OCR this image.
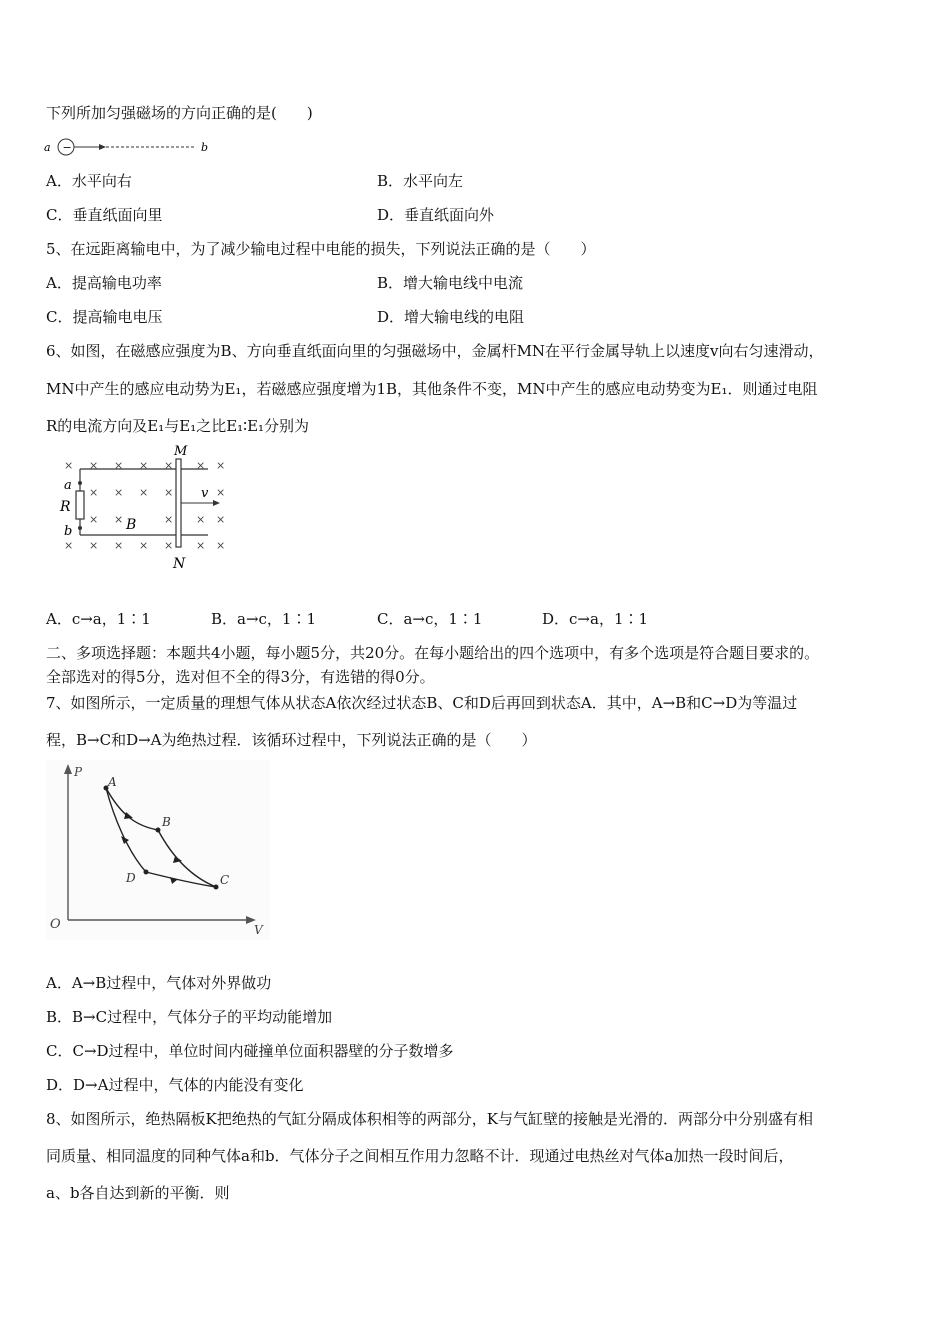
下列所加匀强磁场的方向正确的是(　　)
a −	b
A．水平向右	B．水平向左
C．垂直纸面向里	D．垂直纸面向外
5、在远距离输电中，为了减少输电过程中电能的损失，下列说法正确的是（　　）
A．提高输电功率	B．增大输电线中电流
C．提高输电电压	D．增大输电线的电阻
6、如图，在磁感应强度为B、方向垂直纸面向里的匀强磁场中，金属杆MN在平行金属导轨上以速度v向右匀速滑动，
MN中产生的感应电动势为E₁，若磁感应强度增为1B，其他条件不变，MN中产生的感应电动势变为E₁．则通过电阻
R的电流方向及E₁与E₁之比E₁∶E₁分别为
× × × × × × ×
× × × ×	×
× ×	× × ×
× × × × × × ×
M
N
a
R
b	B
v
A．c→a，1∶1	B．a→c，1∶1	C．a→c，1∶1	D．c→a，1∶1
二、多项选择题：本题共4小题，每小题5分，共20分。在每小题给出的四个选项中，有多个选项是符合题目要求的。
全部选对的得5分，选对但不全的得3分，有选错的得0分。
7、如图所示，一定质量的理想气体从状态A依次经过状态B、C和D后再回到状态A．其中，A→B和C→D为等温过
程，B→C和D→A为绝热过程．该循环过程中，下列说法正确的是（　　）
P
V
O
A
B
C
D
A．A→B过程中，气体对外界做功
B．B→C过程中，气体分子的平均动能增加
C．C→D过程中，单位时间内碰撞单位面积器壁的分子数增多
D．D→A过程中，气体的内能没有变化
8、如图所示，绝热隔板K把绝热的气缸分隔成体积相等的两部分，K与气缸壁的接触是光滑的．两部分中分别盛有相
同质量、相同温度的同种气体a和b．气体分子之间相互作用力忽略不计．现通过电热丝对气体a加热一段时间后，
a、b各自达到新的平衡．则
